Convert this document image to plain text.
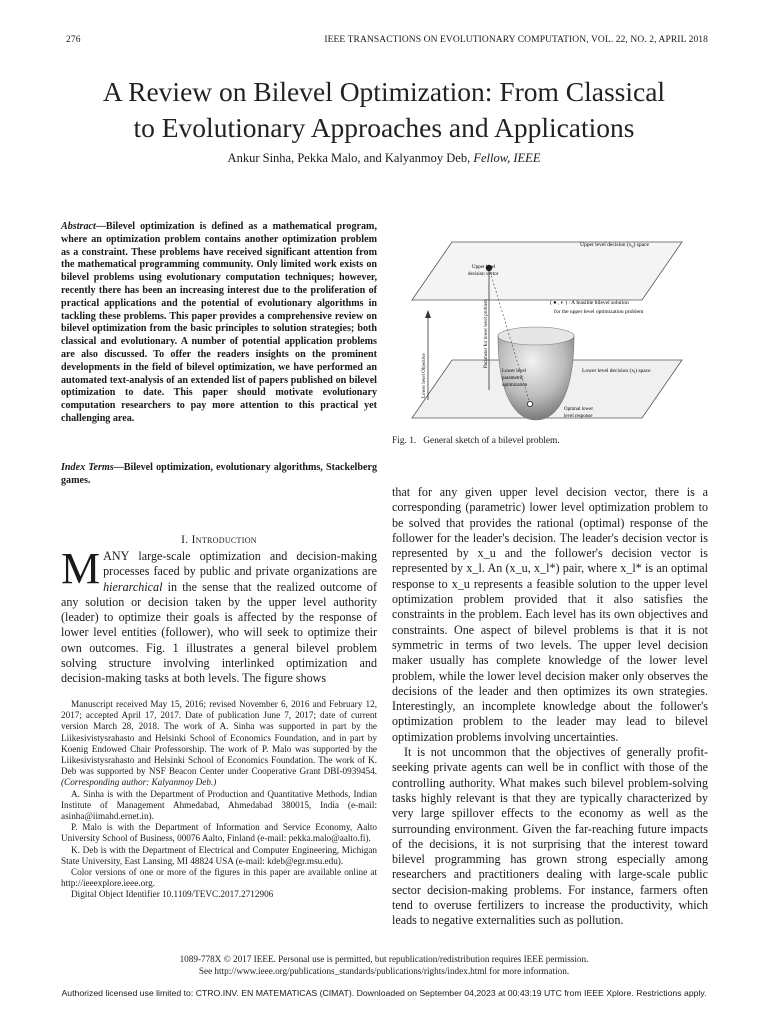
276	IEEE TRANSACTIONS ON EVOLUTIONARY COMPUTATION, VOL. 22, NO. 2, APRIL 2018
A Review on Bilevel Optimization: From Classical
to Evolutionary Approaches and Applications
Ankur Sinha, Pekka Malo, and Kalyanmoy Deb, Fellow, IEEE
Abstract—Bilevel optimization is defined as a mathematical program, where an optimization problem contains another optimization problem as a constraint. These problems have received significant attention from the mathematical programming community. Only limited work exists on bilevel problems using evolutionary computation techniques; however, recently there has been an increasing interest due to the proliferation of practical applications and the potential of evolutionary algorithms in tackling these problems. This paper provides a comprehensive review on bilevel optimization from the basic principles to solution strategies; both classical and evolutionary. A number of potential application problems are also discussed. To offer the readers insights on the prominent developments in the field of bilevel optimization, we have performed an automated text-analysis of an extended list of papers published on bilevel optimization to date. This paper should motivate evolutionary computation researchers to pay more attention to this practical yet challenging area.
Index Terms—Bilevel optimization, evolutionary algorithms, Stackelberg games.
I. Introduction
MANY large-scale optimization and decision-making processes faced by public and private organizations are hierarchical in the sense that the realized outcome of any solution or decision taken by the upper level authority (leader) to optimize their goals is affected by the response of lower level entities (follower), who will seek to optimize their own outcomes. Fig. 1 illustrates a general bilevel problem solving structure involving interlinked optimization and decision-making tasks at both levels. The figure shows

Manuscript received May 15, 2016; revised November 6, 2016 and February 12, 2017; accepted April 17, 2017. Date of publication June 7, 2017; date of current version March 28, 2018. The work of A. Sinha was supported in part by the Liikesivistysrahasto and Helsinki School of Economics Foundation, and in part by Koenig Endowed Chair Professorship. The work of P. Malo was supported by the Liikesivistysrahasto and Helsinki School of Economics Foundation. The work of K. Deb was supported by NSF Beacon Center under Cooperative Grant DBI-0939454. (Corresponding author: Kalyanmoy Deb.)

A. Sinha is with the Department of Production and Quantitative Methods, Indian Institute of Management Ahmedabad, Ahmedabad 380015, India (e-mail: asinha@iimahd.ernet.in).

P. Malo is with the Department of Information and Service Economy, Aalto University School of Business, 00076 Aalto, Finland (e-mail: pekka.malo@aalto.fi).

K. Deb is with the Department of Electrical and Computer Engineering, Michigan State University, East Lansing, MI 48824 USA (e-mail: kdeb@egr.msu.edu).

Color versions of one or more of the figures in this paper are available online at http://ieeexplore.ieee.org.

Digital Object Identifier 10.1109/TEVC.2017.2712906

Lower level Objective
Parameter for lower level problem
Upper level decision $(x_u)$ space
Upper level
decision vector
( ● , ◐ ) : A feasible bilevel solution
for the upper level optimization problem
Lower level
parametric
optimization
Lower level decision $(x_l)$ space
Optimal lower
level response
Fig. 1. General sketch of a bilevel problem.

that for any given upper level decision vector, there is a corresponding (parametric) lower level optimization problem to be solved that provides the rational (optimal) response of the follower for the leader's decision. The leader's decision vector is represented by x_u and the follower's decision vector is represented by x_l. An (x_u, x_l*) pair, where x_l* is an optimal response to x_u represents a feasible solution to the upper level optimization problem provided that it also satisfies the constraints in the problem. Each level has its own objectives and constraints. One aspect of bilevel problems is that it is not symmetric in terms of two levels. The upper level decision maker usually has complete knowledge of the lower level problem, while the lower level decision maker only observes the decisions of the leader and then optimizes its own strategies. Interestingly, an incomplete knowledge about the follower's optimization problem to the leader may lead to bilevel optimization problems involving uncertainties.

It is not uncommon that the objectives of generally profit-seeking private agents can well be in conflict with those of the controlling authority. What makes such bilevel problem-solving tasks highly relevant is that they are typically characterized by very large spillover effects to the economy as well as the surrounding environment. Given the far-reaching future impacts of the decisions, it is not surprising that the interest toward bilevel programming has grown strong especially among researchers and practitioners dealing with large-scale public sector decision-making problems. For instance, farmers often tend to overuse fertilizers to increase the productivity, which leads to negative externalities such as pollution.

1089-778X © 2017 IEEE. Personal use is permitted, but republication/redistribution requires IEEE permission.
See http://www.ieee.org/publications_standards/publications/rights/index.html for more information.
Authorized licensed use limited to: CTRO.INV. EN MATEMATICAS (CIMAT). Downloaded on September 04,2023 at 00:43:19 UTC from IEEE Xplore. Restrictions apply.
